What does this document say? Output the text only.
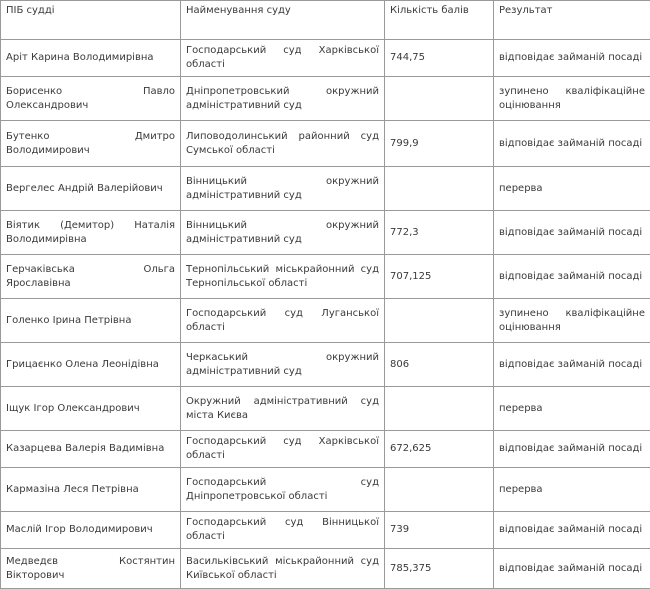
ПІБ судді	Найменування суду	Кількість балів	Результат
Аріт Карина Володимирівна	Господарський суд Харківської області	744,75	відповідає займаній посаді
Борисенко Павло Олександрович	Дніпропетровський окружний адміністративний суд		зупинено кваліфікаційне оцінювання
Бутенко Дмитро Володимирович	Липоводолинський районний суд Сумської області	799,9	відповідає займаній посаді
Вергелес Андрій Валерійович	Вінницький окружний адміністративний суд		перерва
Віятик (Демитор) Наталія Володимирівна	Вінницький окружний адміністративний суд	772,3	відповідає займаній посаді
Герчаківська Ольга Ярославівна	Тернопільський міськрайонний суд Тернопільської області	707,125	відповідає займаній посаді
Голенко Ірина Петрівна	Господарський суд Луганської області		зупинено кваліфікаційне оцінювання
Грицаєнко Олена Леонідівна	Черкаський окружний адміністративний суд	806	відповідає займаній посаді
Іщук Ігор Олександрович	Окружний адміністративний суд міста Києва		перерва
Казарцева Валерія Вадимівна	Господарський суд Харківської області	672,625	відповідає займаній посаді
Кармазіна Леся Петрівна	Господарський суд Дніпропетровської області		перерва
Маслій Ігор Володимирович	Господарський суд Вінницької області	739	відповідає займаній посаді
Медведєв Костянтин Вікторович	Васильківський міськрайонний суд Київської області	785,375	відповідає займаній посаді
